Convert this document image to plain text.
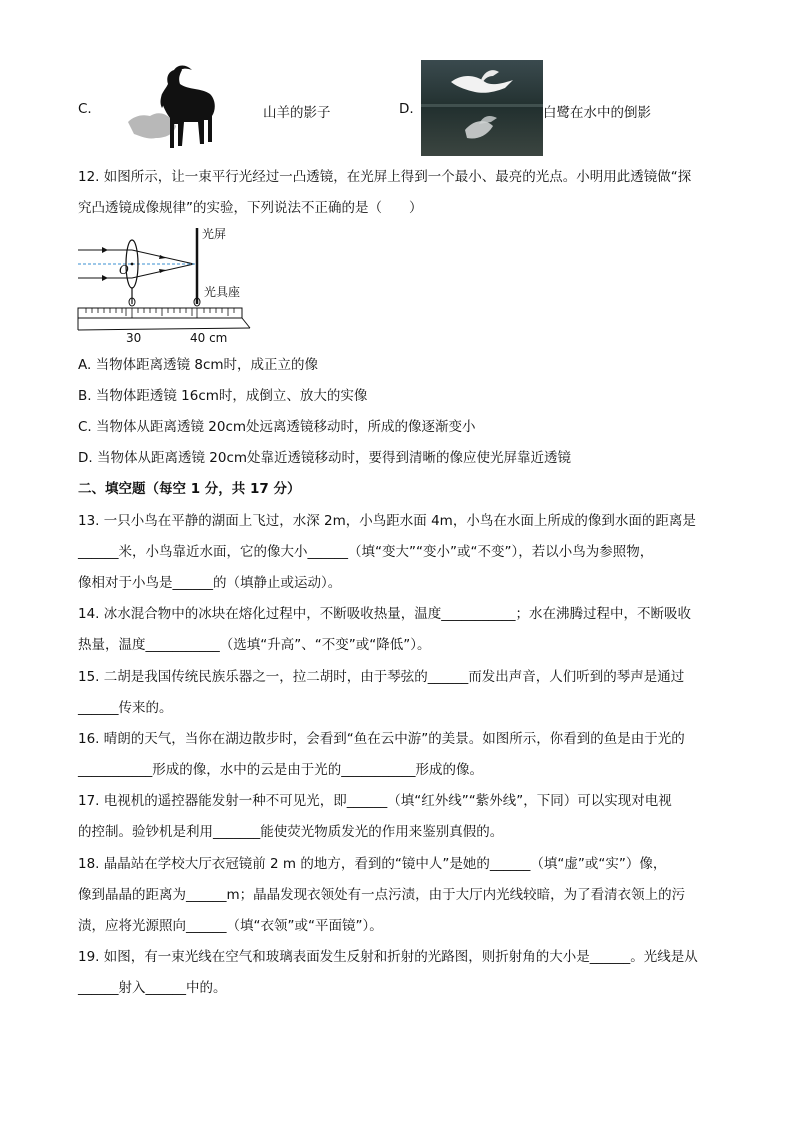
C.	山羊的影子	D.	白鹭在水中的倒影
12. 如图所示，让一束平行光经过一凸透镜，在光屏上得到一个最小、最亮的光点。小明用此透镜做“探
究凸透镜成像规律”的实验，下列说法不正确的是（　　）
O
光屏
光具座
30	40 cm
A. 当物体距离透镜 8cm时，成正立的像
B. 当物体距透镜 16cm时，成倒立、放大的实像
C. 当物体从距离透镜 20cm处远离透镜移动时，所成的像逐渐变小
D. 当物体从距离透镜 20cm处靠近透镜移动时，要得到清晰的像应使光屏靠近透镜
二、填空题（每空 1 分，共 17 分）
13. 一只小鸟在平静的湖面上飞过，水深 2m，小鸟距水面 4m，小鸟在水面上所成的像到水面的距离是
______米，小鸟靠近水面，它的像大小______（填“变大”“变小”或“不变”），若以小鸟为参照物，
像相对于小鸟是______的（填静止或运动）。
14. 冰水混合物中的冰块在熔化过程中，不断吸收热量，温度___________；水在沸腾过程中，不断吸收
热量，温度___________（选填“升高”、“不变”或“降低”）。
15. 二胡是我国传统民族乐器之一，拉二胡时，由于琴弦的______而发出声音，人们听到的琴声是通过
______传来的。
16. 晴朗的天气，当你在湖边散步时，会看到“鱼在云中游”的美景。如图所示，你看到的鱼是由于光的
___________形成的像，水中的云是由于光的___________形成的像。
17. 电视机的遥控器能发射一种不可见光，即______（填“红外线”“紫外线”，下同）可以实现对电视
的控制。验钞机是利用_______能使荧光物质发光的作用来鉴别真假的。
18. 晶晶站在学校大厅衣冠镜前 2 m 的地方，看到的“镜中人”是她的______（填“虚”或“实”）像，
像到晶晶的距离为______m；晶晶发现衣领处有一点污渍，由于大厅内光线较暗，为了看清衣领上的污
渍，应将光源照向______（填“衣领”或“平面镜”）。
19. 如图，有一束光线在空气和玻璃表面发生反射和折射的光路图，则折射角的大小是______。光线是从
______射入______中的。
